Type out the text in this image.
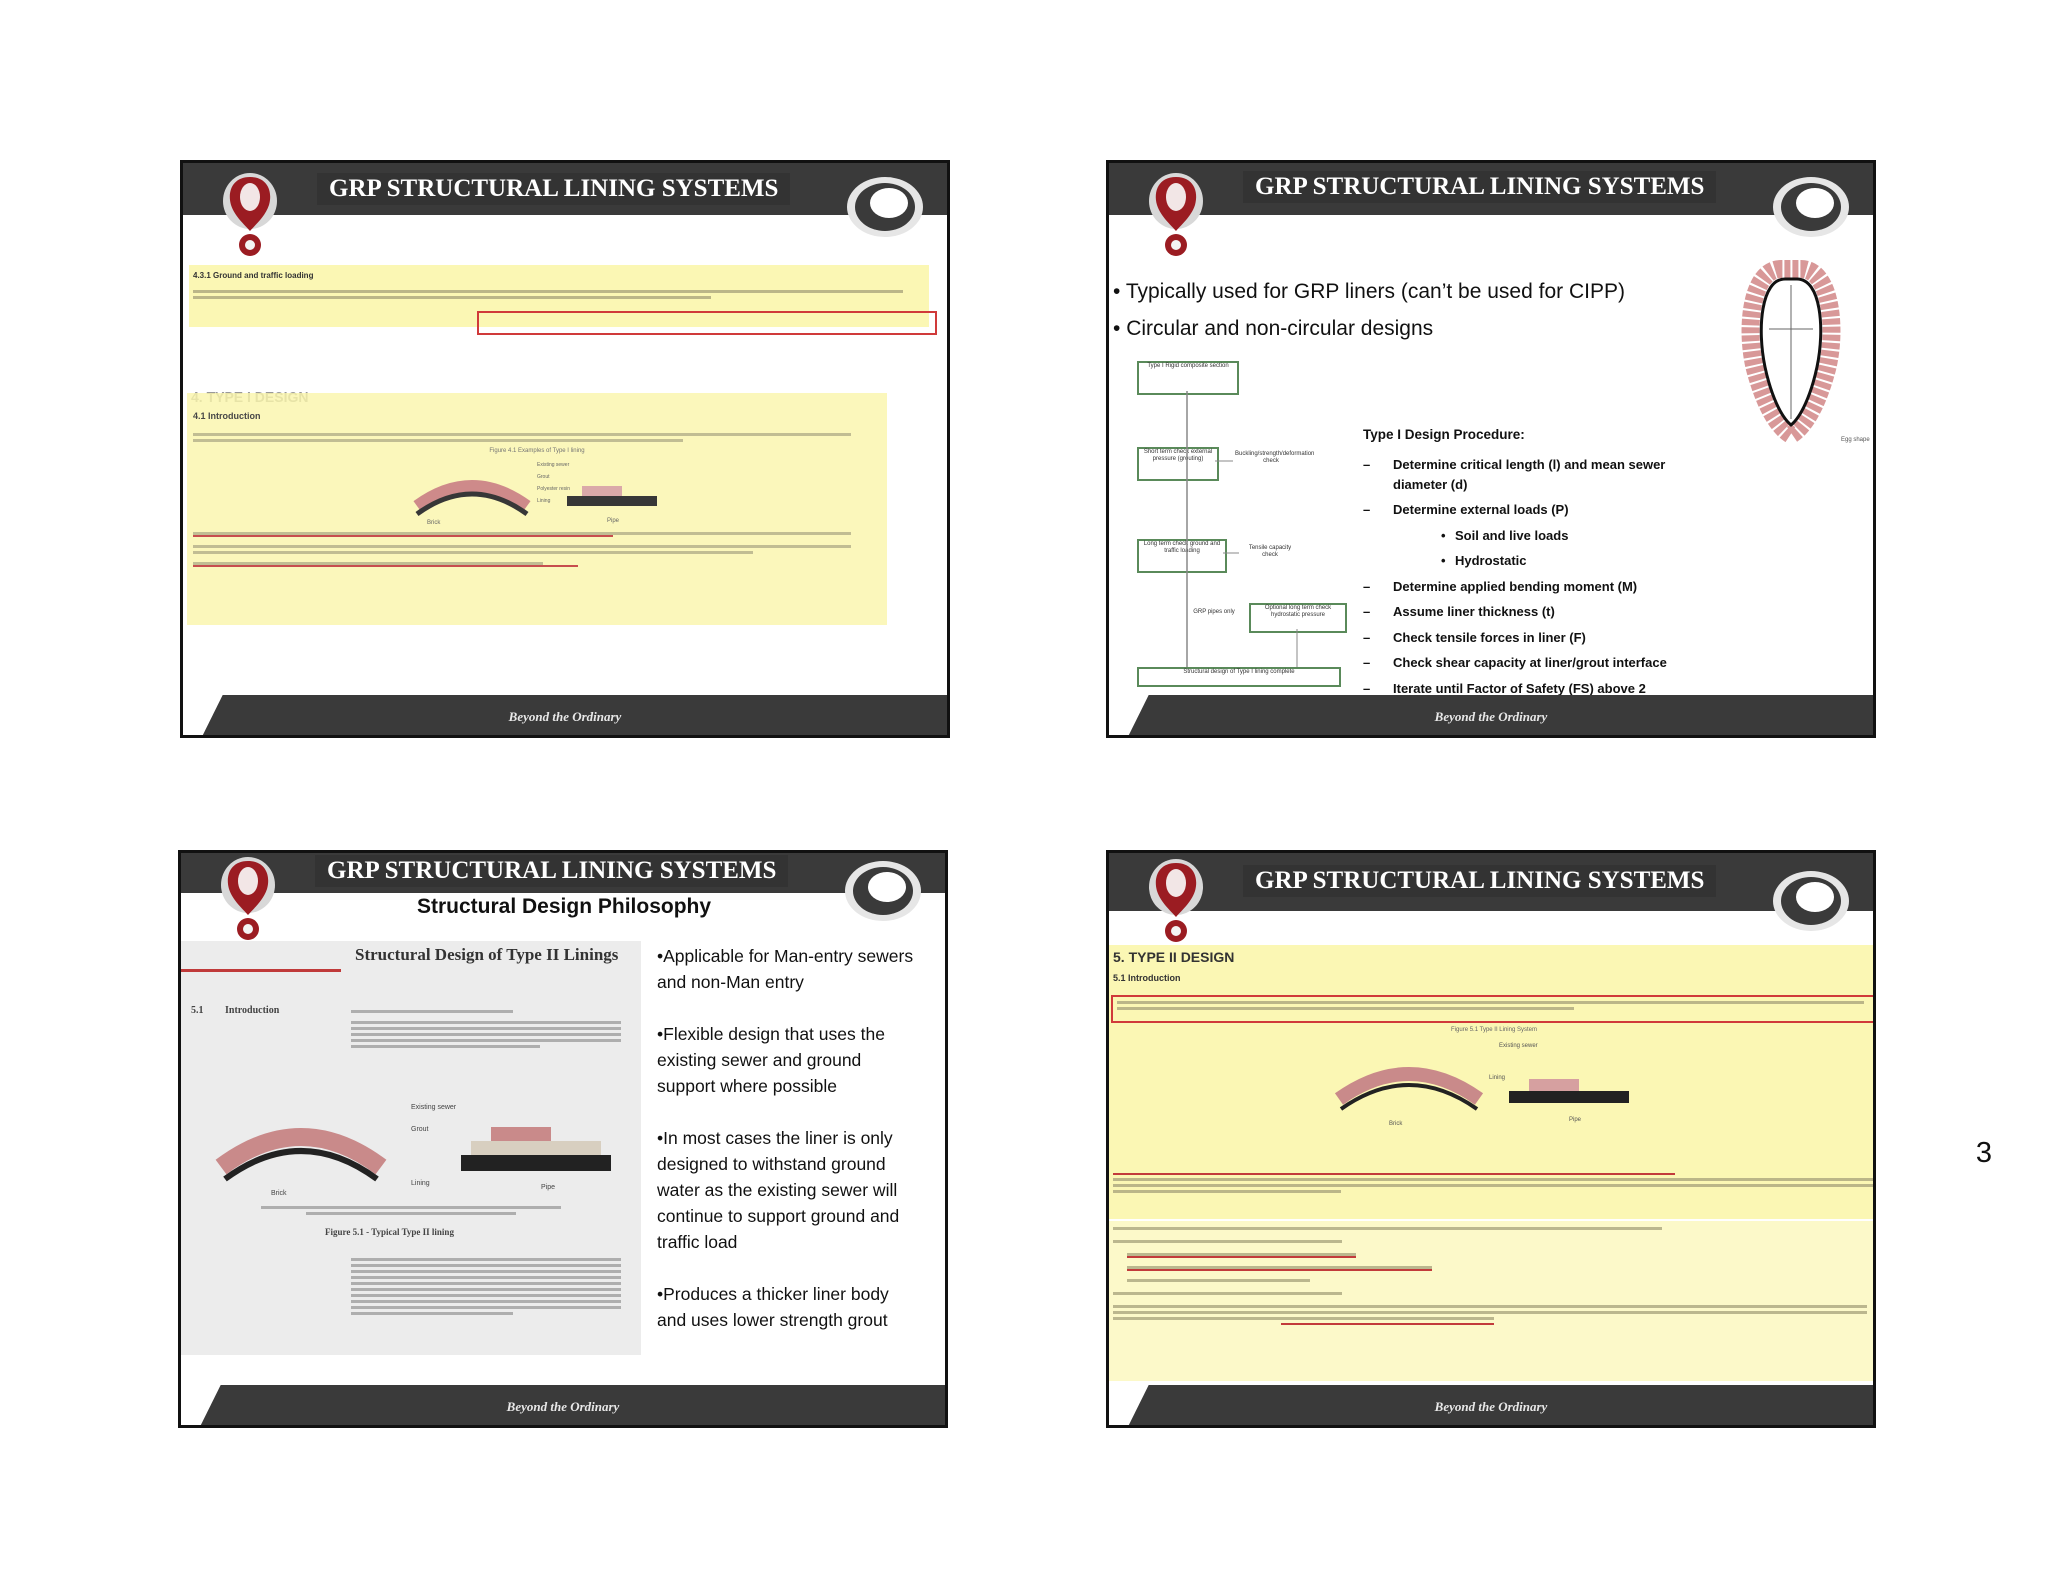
GRP STRUCTURAL LINING SYSTEMS
4.3.1 Ground and traffic loading
4.1 Introduction
Figure 4.1 Examples of Type I lining
Brick	Pipe
Existing sewer
Grout
Polyester resin
Lining
Beyond the Ordinary
GRP STRUCTURAL LINING SYSTEMS
• Typically used for GRP liners (can’t be used for CIPP)
• Circular and non-circular designs
Egg shape
Type I Rigid composite section
Short term check external pressure (grouting)
Buckling/strength/deformation check
Long term check ground and traffic loading	Tensile capacity check
GRP pipes only
Optional long term check hydrostatic pressure
Structural design of Type I lining complete
Type I Design Procedure:
–	Determine critical length (l) and mean sewer diameter (d)
–	Determine external loads (P)
• Soil and live loads
• Hydrostatic
–	Determine applied bending moment (M)
–	Assume liner thickness (t)
–	Check tensile forces in liner (F)
–	Check shear capacity at liner/grout interface
–	Iterate until Factor of Safety (FS) above 2
Beyond the Ordinary
GRP STRUCTURAL LINING SYSTEMS
Structural Design Philosophy
Structural Design of Type II Linings
5.1 Introduction
Existing sewer
Grout
Lining
Brick
Pipe
Figure 5.1 - Typical Type II lining
•Applicable for Man-entry sewers and non-Man entry
•Flexible design that uses the existing sewer and ground support where possible
•In most cases the liner is only designed to withstand ground water as the existing sewer will continue to support ground and traffic load
•Produces a thicker liner body and uses lower strength grout
Beyond the Ordinary
GRP STRUCTURAL LINING SYSTEMS
5. TYPE II DESIGN
5.1 Introduction
Figure 5.1 Type II Lining System
Existing sewer
Lining
Brick
Pipe
Beyond the Ordinary
3
